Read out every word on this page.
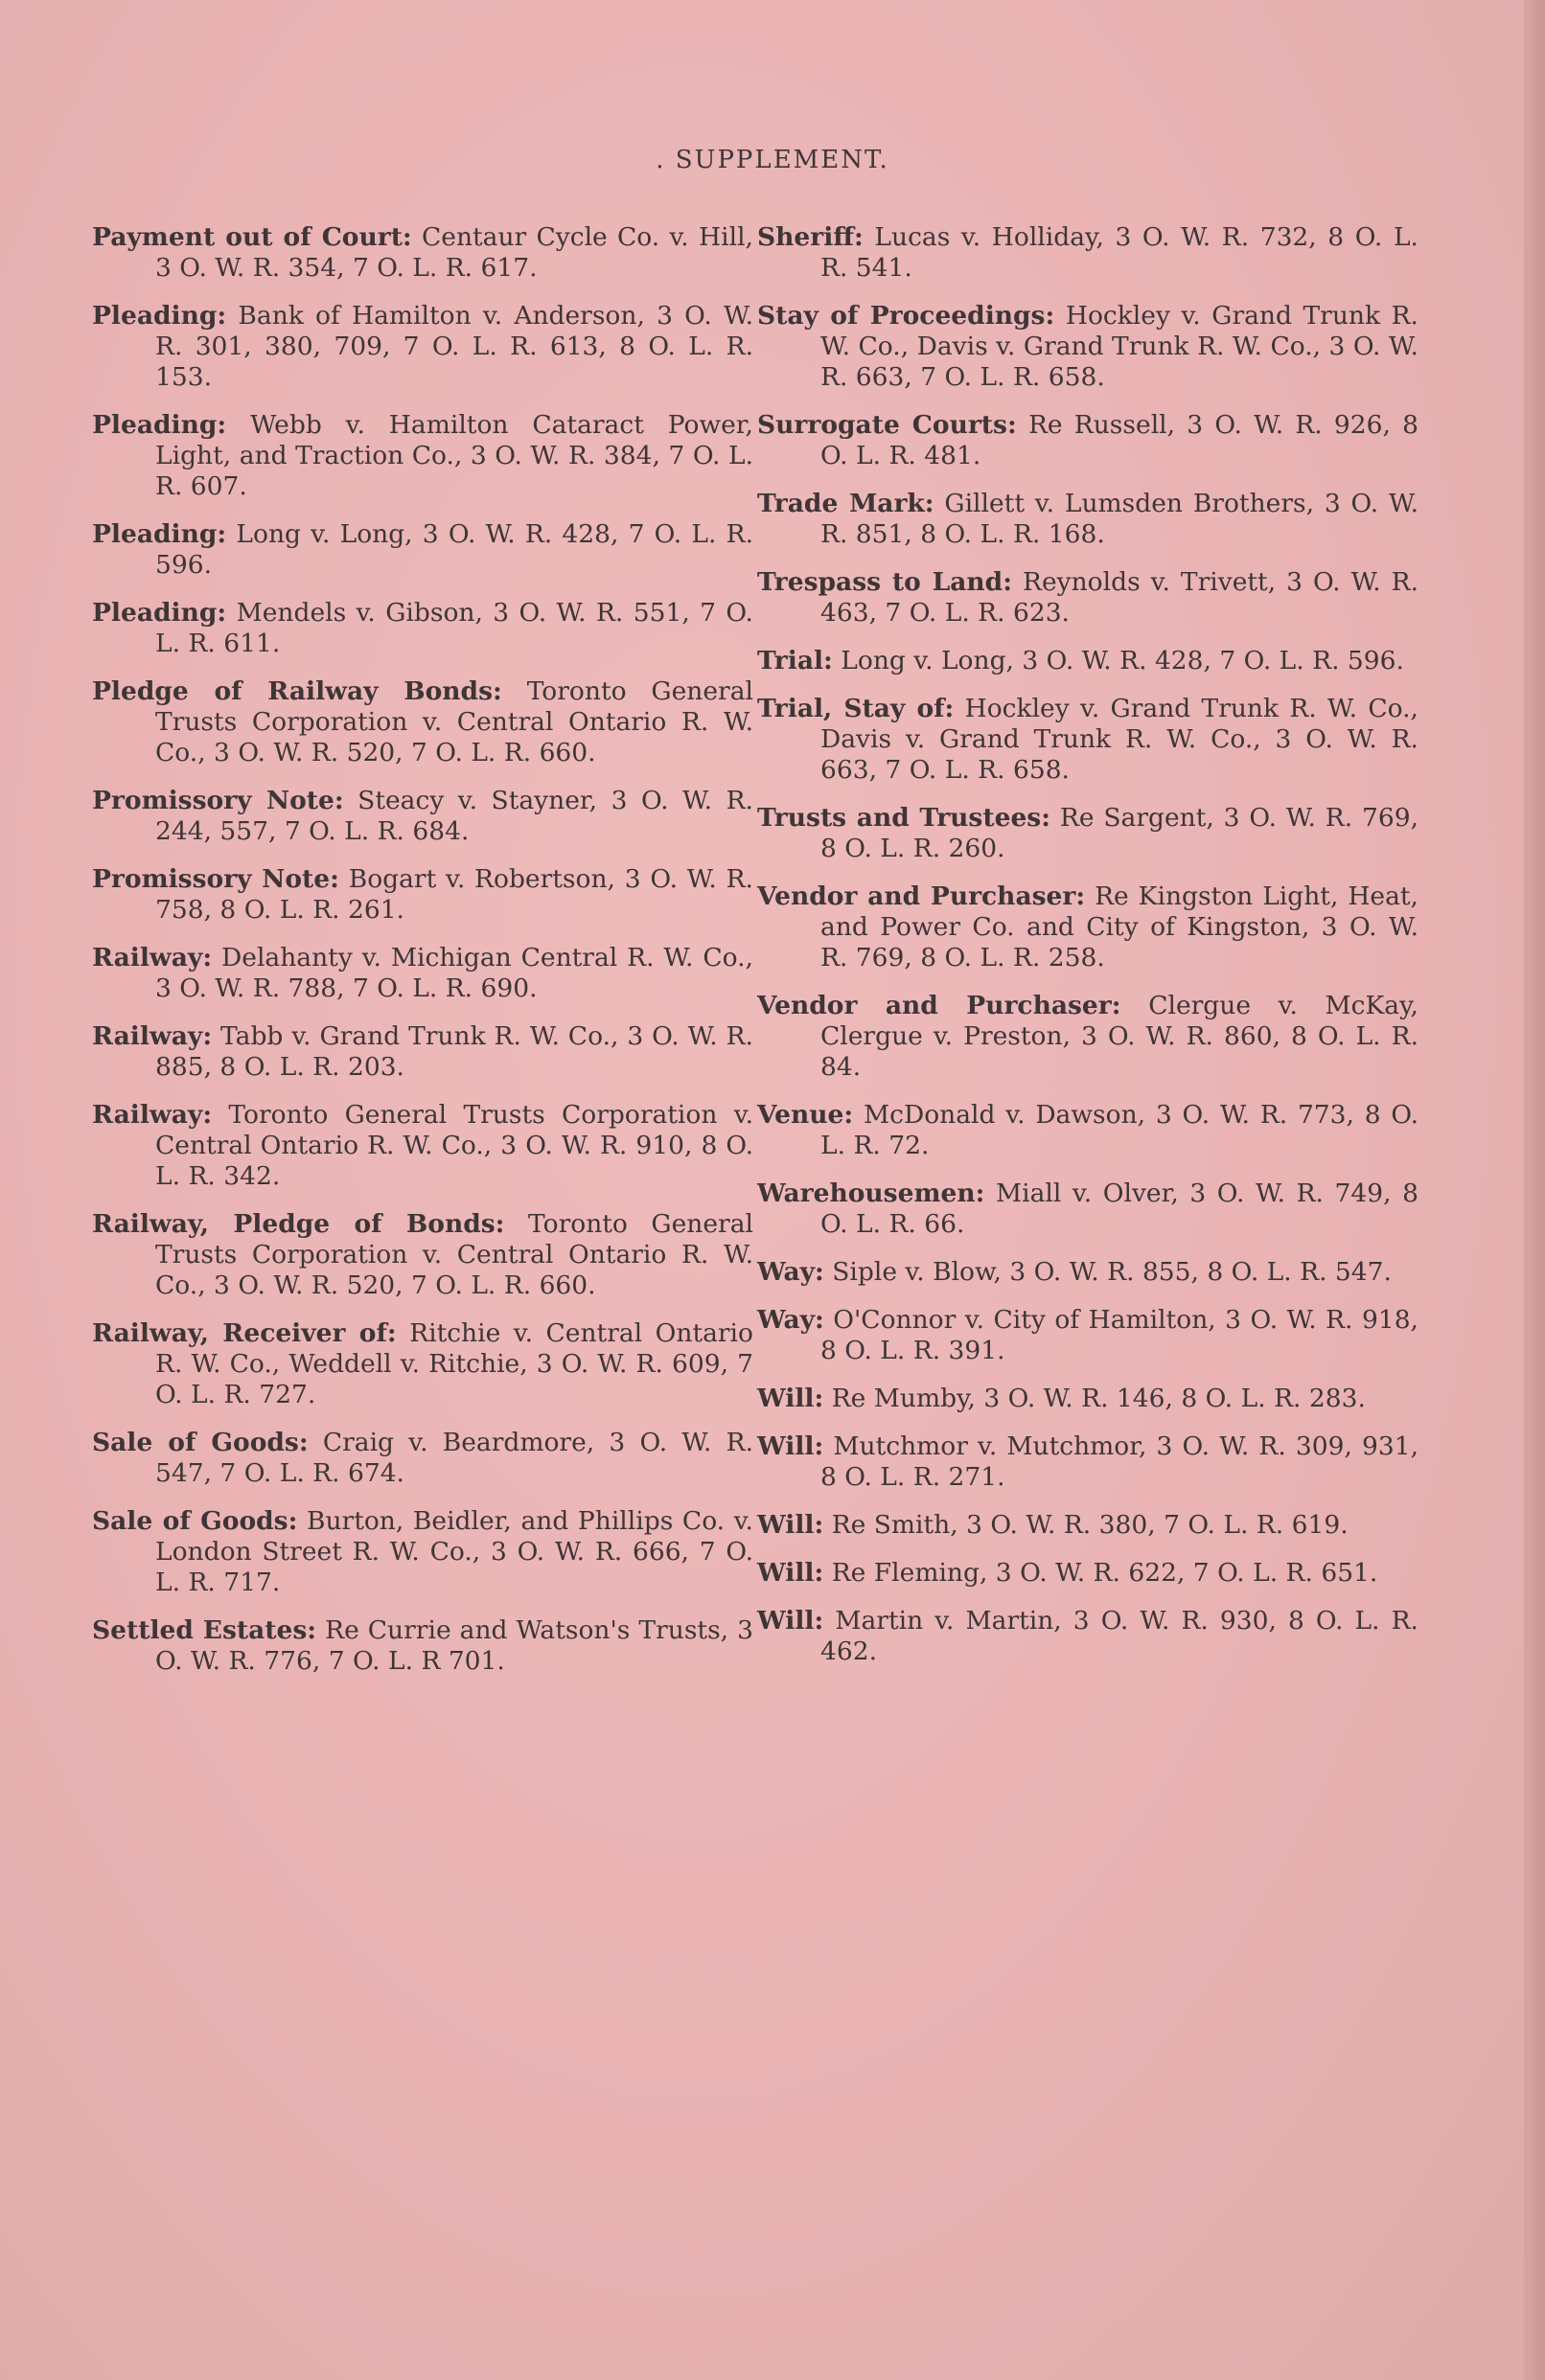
. SUPPLEMENT.
Payment out of Court: Centaur Cycle Co. v. Hill, 3 O. W. R. 354, 7 O. L. R. 617.
Pleading: Bank of Hamilton v. Anderson, 3 O. W. R. 301, 380, 709, 7 O. L. R. 613, 8 O. L. R. 153.
Pleading: Webb v. Hamilton Cataract Power, Light, and Traction Co., 3 O. W. R. 384, 7 O. L. R. 607.
Pleading: Long v. Long, 3 O. W. R. 428, 7 O. L. R. 596.
Pleading: Mendels v. Gibson, 3 O. W. R. 551, 7 O. L. R. 611.
Pledge of Railway Bonds: Toronto General Trusts Corporation v. Central Ontario R. W. Co., 3 O. W. R. 520, 7 O. L. R. 660.
Promissory Note: Steacy v. Stayner, 3 O. W. R. 244, 557, 7 O. L. R. 684.
Promissory Note: Bogart v. Robertson, 3 O. W. R. 758, 8 O. L. R. 261.
Railway: Delahanty v. Michigan Central R. W. Co., 3 O. W. R. 788, 7 O. L. R. 690.
Railway: Tabb v. Grand Trunk R. W. Co., 3 O. W. R. 885, 8 O. L. R. 203.
Railway: Toronto General Trusts Corporation v. Central Ontario R. W. Co., 3 O. W. R. 910, 8 O. L. R. 342.
Railway, Pledge of Bonds: Toronto General Trusts Corporation v. Central Ontario R. W. Co., 3 O. W. R. 520, 7 O. L. R. 660.
Railway, Receiver of: Ritchie v. Central Ontario R. W. Co., Weddell v. Ritchie, 3 O. W. R. 609, 7 O. L. R. 727.
Sale of Goods: Craig v. Beardmore, 3 O. W. R. 547, 7 O. L. R. 674.
Sale of Goods: Burton, Beidler, and Phillips Co. v. London Street R. W. Co., 3 O. W. R. 666, 7 O. L. R. 717.
Settled Estates: Re Currie and Watson's Trusts, 3 O. W. R. 776, 7 O. L. R 701.
Sheriff: Lucas v. Holliday, 3 O. W. R. 732, 8 O. L. R. 541.
Stay of Proceedings: Hockley v. Grand Trunk R. W. Co., Davis v. Grand Trunk R. W. Co., 3 O. W. R. 663, 7 O. L. R. 658.
Surrogate Courts: Re Russell, 3 O. W. R. 926, 8 O. L. R. 481.
Trade Mark: Gillett v. Lumsden Brothers, 3 O. W. R. 851, 8 O. L. R. 168.
Trespass to Land: Reynolds v. Trivett, 3 O. W. R. 463, 7 O. L. R. 623.
Trial: Long v. Long, 3 O. W. R. 428, 7 O. L. R. 596.
Trial, Stay of: Hockley v. Grand Trunk R. W. Co., Davis v. Grand Trunk R. W. Co., 3 O. W. R. 663, 7 O. L. R. 658.
Trusts and Trustees: Re Sargent, 3 O. W. R. 769, 8 O. L. R. 260.
Vendor and Purchaser: Re Kingston Light, Heat, and Power Co. and City of Kingston, 3 O. W. R. 769, 8 O. L. R. 258.
Vendor and Purchaser: Clergue v. McKay, Clergue v. Preston, 3 O. W. R. 860, 8 O. L. R. 84.
Venue: McDonald v. Dawson, 3 O. W. R. 773, 8 O. L. R. 72.
Warehousemen: Miall v. Olver, 3 O. W. R. 749, 8 O. L. R. 66.
Way: Siple v. Blow, 3 O. W. R. 855, 8 O. L. R. 547.
Way: O'Connor v. City of Hamilton, 3 O. W. R. 918, 8 O. L. R. 391.
Will: Re Mumby, 3 O. W. R. 146, 8 O. L. R. 283.
Will: Mutchmor v. Mutchmor, 3 O. W. R. 309, 931, 8 O. L. R. 271.
Will: Re Smith, 3 O. W. R. 380, 7 O. L. R. 619.
Will: Re Fleming, 3 O. W. R. 622, 7 O. L. R. 651.
Will: Martin v. Martin, 3 O. W. R. 930, 8 O. L. R. 462.
